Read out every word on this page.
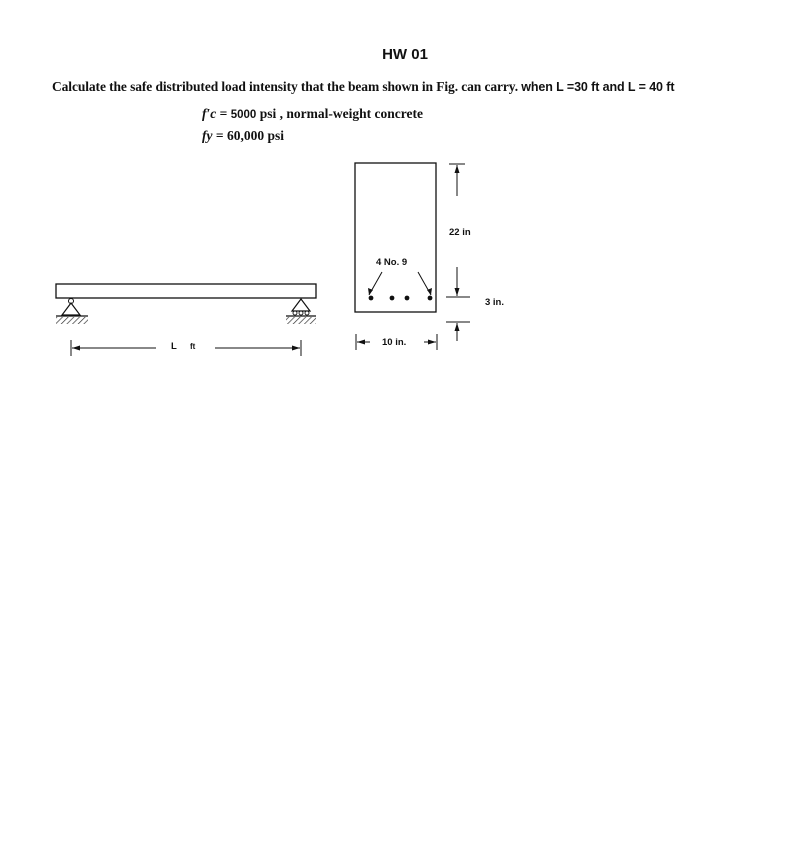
HW 01
Calculate the safe distributed load intensity that the beam shown in Fig. can carry. when L =30 ft and L = 40 ft
f′c = 5000 psi , normal-weight concrete
fy = 60,000 psi
L ft
4 No. 9
22 in
3 in.
10 in.
